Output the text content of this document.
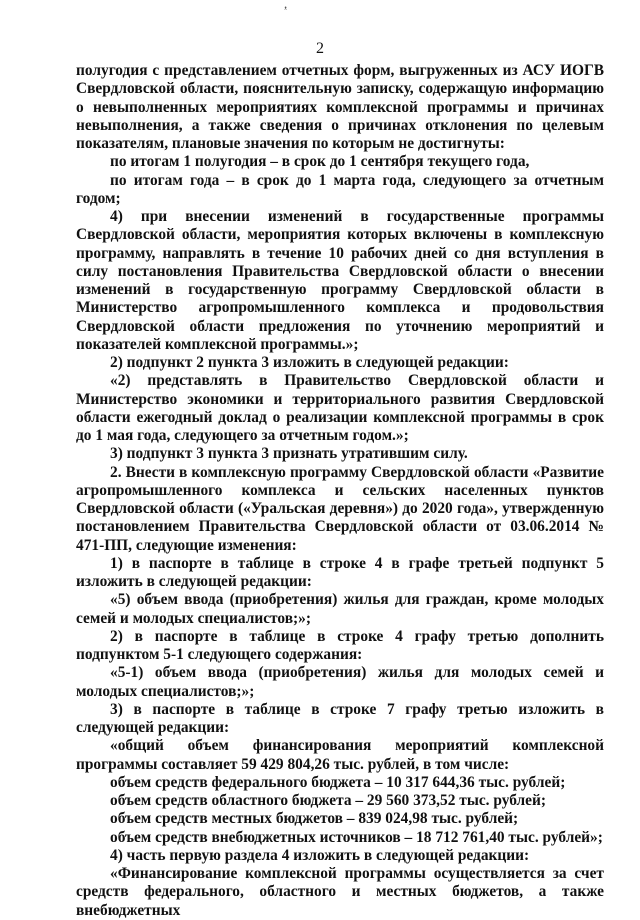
ᵜ
2

полугодия с представлением отчетных форм, выгруженных из АСУ ИОГВ Свердловской области, пояснительную записку, содержащую информацию о невыполненных мероприятиях комплексной программы и причинах невыполнения, а также сведения о причинах отклонения по целевым показателям, плановые значения по которым не достигнуты:

по итогам 1 полугодия – в срок до 1 сентября текущего года,

по итогам года – в срок до 1 марта года, следующего за отчетным годом;

4) при внесении изменений в государственные программы Свердловской области, мероприятия которых включены в комплексную программу, направлять в течение 10 рабочих дней со дня вступления в силу постановления Правительства Свердловской области о внесении изменений в государственную программу Свердловской области в Министерство агропромышленного комплекса и продовольствия Свердловской области предложения по уточнению мероприятий и показателей комплексной программы.»;

2) подпункт 2 пункта 3 изложить в следующей редакции:

«2) представлять в Правительство Свердловской области и Министерство экономики и территориального развития Свердловской области ежегодный доклад о реализации комплексной программы в срок до 1 мая года, следующего за отчетным годом.»;

3) подпункт 3 пункта 3 признать утратившим силу.

2. Внести в комплексную программу Свердловской области «Развитие агропромышленного комплекса и сельских населенных пунктов Свердловской области («Уральская деревня») до 2020 года», утвержденную постановлением Правительства Свердловской области от 03.06.2014 № 471-ПП, следующие изменения:

1) в паспорте в таблице в строке 4 в графе третьей подпункт 5 изложить в следующей редакции:

«5) объем ввода (приобретения) жилья для граждан, кроме молодых семей и молодых специалистов;»;

2) в паспорте в таблице в строке 4 графу третью дополнить подпунктом 5-1 следующего содержания:

«5-1) объем ввода (приобретения) жилья для молодых семей и молодых специалистов;»;

3) в паспорте в таблице в строке 7 графу третью изложить в следующей редакции:

«общий объем финансирования мероприятий комплексной программы составляет 59 429 804,26 тыс. рублей, в том числе:

объем средств федерального бюджета – 10 317 644,36 тыс. рублей;

объем средств областного бюджета – 29 560 373,52 тыс. рублей;

объем средств местных бюджетов – 839 024,98 тыс. рублей;

объем средств внебюджетных источников – 18 712 761,40 тыс. рублей»;

4) часть первую раздела 4 изложить в следующей редакции:

«Финансирование комплексной программы осуществляется за счет средств федерального, областного и местных бюджетов, а также внебюджетных
